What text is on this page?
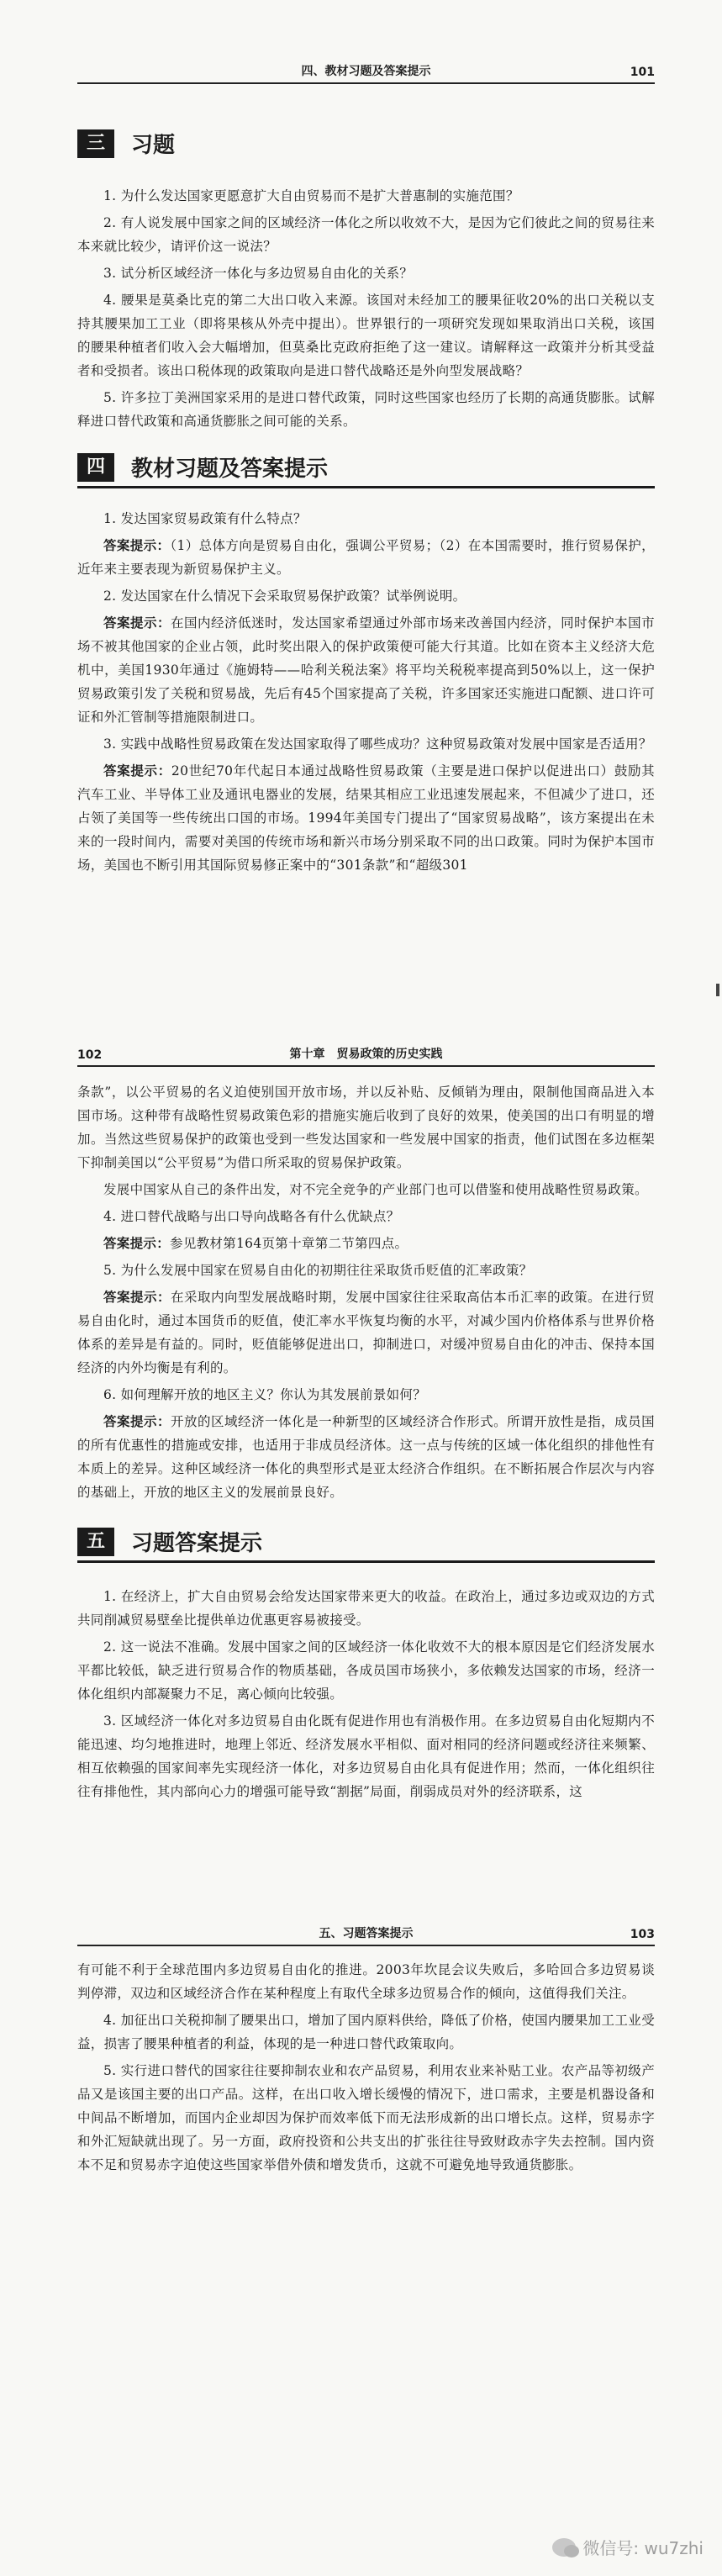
四、教材习题及答案提示	101
三	习题

1. 为什么发达国家更愿意扩大自由贸易而不是扩大普惠制的实施范围？

2. 有人说发展中国家之间的区域经济一体化之所以收效不大，是因为它们彼此之间的贸易往来本来就比较少，请评价这一说法？

3. 试分析区域经济一体化与多边贸易自由化的关系？

4. 腰果是莫桑比克的第二大出口收入来源。该国对未经加工的腰果征收20%的出口关税以支持其腰果加工工业（即将果核从外壳中提出）。世界银行的一项研究发现如果取消出口关税，该国的腰果种植者们收入会大幅增加，但莫桑比克政府拒绝了这一建议。请解释这一政策并分析其受益者和受损者。该出口税体现的政策取向是进口替代战略还是外向型发展战略？

5. 许多拉丁美洲国家采用的是进口替代政策，同时这些国家也经历了长期的高通货膨胀。试解释进口替代政策和高通货膨胀之间可能的关系。

四	教材习题及答案提示

1. 发达国家贸易政策有什么特点？

答案提示：（1）总体方向是贸易自由化，强调公平贸易；（2）在本国需要时，推行贸易保护，近年来主要表现为新贸易保护主义。

2. 发达国家在什么情况下会采取贸易保护政策？试举例说明。

答案提示：在国内经济低迷时，发达国家希望通过外部市场来改善国内经济，同时保护本国市场不被其他国家的企业占领，此时奖出限入的保护政策便可能大行其道。比如在资本主义经济大危机中，美国1930年通过《施姆特——哈利关税法案》将平均关税税率提高到50%以上，这一保护贸易政策引发了关税和贸易战，先后有45个国家提高了关税，许多国家还实施进口配额、进口许可证和外汇管制等措施限制进口。

3. 实践中战略性贸易政策在发达国家取得了哪些成功？这种贸易政策对发展中国家是否适用？

答案提示：20世纪70年代起日本通过战略性贸易政策（主要是进口保护以促进出口）鼓励其汽车工业、半导体工业及通讯电器业的发展，结果其相应工业迅速发展起来，不但减少了进口，还占领了美国等一些传统出口国的市场。1994年美国专门提出了“国家贸易战略”，该方案提出在未来的一段时间内，需要对美国的传统市场和新兴市场分别采取不同的出口政策。同时为保护本国市场，美国也不断引用其国际贸易修正案中的“301条款”和“超级301

102	第十章　贸易政策的历史实践

条款”，以公平贸易的名义迫使别国开放市场，并以反补贴、反倾销为理由，限制他国商品进入本国市场。这种带有战略性贸易政策色彩的措施实施后收到了良好的效果，使美国的出口有明显的增加。当然这些贸易保护的政策也受到一些发达国家和一些发展中国家的指责，他们试图在多边框架下抑制美国以“公平贸易”为借口所采取的贸易保护政策。

发展中国家从自己的条件出发，对不完全竞争的产业部门也可以借鉴和使用战略性贸易政策。

4. 进口替代战略与出口导向战略各有什么优缺点？

答案提示：参见教材第164页第十章第二节第四点。

5. 为什么发展中国家在贸易自由化的初期往往采取货币贬值的汇率政策？

答案提示：在采取内向型发展战略时期，发展中国家往往采取高估本币汇率的政策。在进行贸易自由化时，通过本国货币的贬值，使汇率水平恢复均衡的水平，对减少国内价格体系与世界价格体系的差异是有益的。同时，贬值能够促进出口，抑制进口，对缓冲贸易自由化的冲击、保持本国经济的内外均衡是有利的。

6. 如何理解开放的地区主义？你认为其发展前景如何？

答案提示：开放的区域经济一体化是一种新型的区域经济合作形式。所谓开放性是指，成员国的所有优惠性的措施或安排，也适用于非成员经济体。这一点与传统的区域一体化组织的排他性有本质上的差异。这种区域经济一体化的典型形式是亚太经济合作组织。在不断拓展合作层次与内容的基础上，开放的地区主义的发展前景良好。

五	习题答案提示

1. 在经济上，扩大自由贸易会给发达国家带来更大的收益。在政治上，通过多边或双边的方式共同削减贸易壁垒比提供单边优惠更容易被接受。

2. 这一说法不准确。发展中国家之间的区域经济一体化收效不大的根本原因是它们经济发展水平都比较低，缺乏进行贸易合作的物质基础，各成员国市场狭小，多依赖发达国家的市场，经济一体化组织内部凝聚力不足，离心倾向比较强。

3. 区域经济一体化对多边贸易自由化既有促进作用也有消极作用。在多边贸易自由化短期内不能迅速、均匀地推进时，地理上邻近、经济发展水平相似、面对相同的经济问题或经济往来频繁、相互依赖强的国家间率先实现经济一体化，对多边贸易自由化具有促进作用；然而，一体化组织往往有排他性，其内部向心力的增强可能导致“割据”局面，削弱成员对外的经济联系，这

五、习题答案提示	103

有可能不利于全球范围内多边贸易自由化的推进。2003年坎昆会议失败后，多哈回合多边贸易谈判停滞，双边和区域经济合作在某种程度上有取代全球多边贸易合作的倾向，这值得我们关注。

4. 加征出口关税抑制了腰果出口，增加了国内原料供给，降低了价格，使国内腰果加工工业受益，损害了腰果种植者的利益，体现的是一种进口替代政策取向。

5. 实行进口替代的国家往往要抑制农业和农产品贸易，利用农业来补贴工业。农产品等初级产品又是该国主要的出口产品。这样，在出口收入增长缓慢的情况下，进口需求，主要是机器设备和中间品不断增加，而国内企业却因为保护而效率低下而无法形成新的出口增长点。这样，贸易赤字和外汇短缺就出现了。另一方面，政府投资和公共支出的扩张往往导致财政赤字失去控制。国内资本不足和贸易赤字迫使这些国家举借外债和增发货币，这就不可避免地导致通货膨胀。

微信号: wu7zhi
